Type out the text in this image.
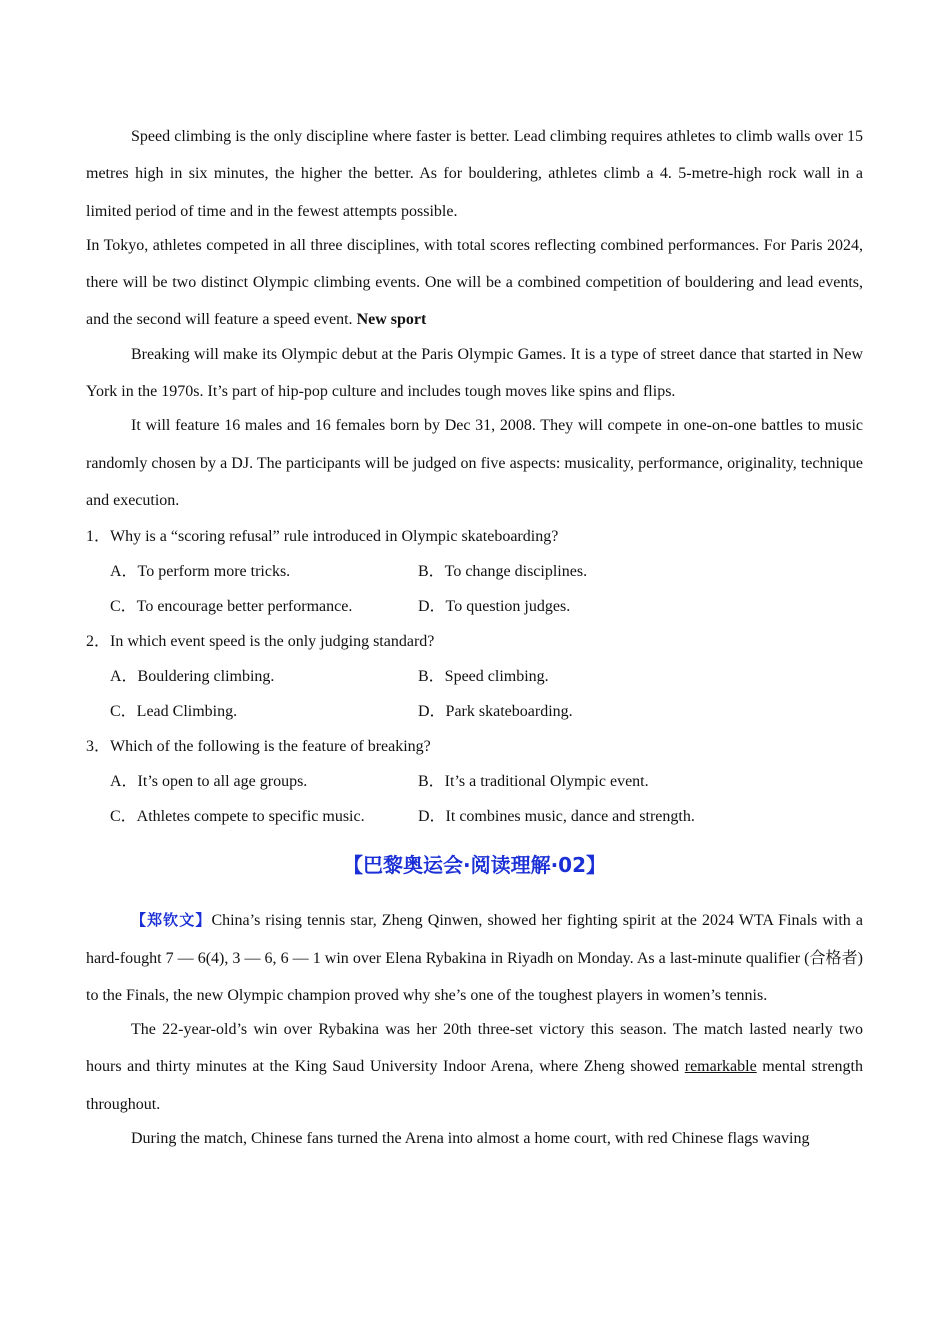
Speed climbing is the only discipline where faster is better. Lead climbing requires athletes to climb walls over 15 metres high in six minutes, the higher the better. As for bouldering, athletes climb a 4. 5-metre-high rock wall in a limited period of time and in the fewest attempts possible.

In Tokyo, athletes competed in all three disciplines, with total scores reflecting combined performances. For Paris 2024, there will be two distinct Olympic climbing events. One will be a combined competition of bouldering and lead events, and the second will feature a speed event. New sport

Breaking will make its Olympic debut at the Paris Olympic Games. It is a type of street dance that started in New York in the 1970s. It’s part of hip-pop culture and includes tough moves like spins and flips.

It will feature 16 males and 16 females born by Dec 31, 2008. They will compete in one-on-one battles to music randomly chosen by a DJ. The participants will be judged on five aspects: musicality, performance, originality, technique and execution.

1．Why is a “scoring refusal” rule introduced in Olympic skateboarding?

A．To perform more tricks.	B．To change disciplines.
C．To encourage better performance.	D．To question judges.

2．In which event speed is the only judging standard?

A．Bouldering climbing.	B．Speed climbing.
C．Lead Climbing.	D．Park skateboarding.

3．Which of the following is the feature of breaking?

A．It’s open to all age groups.	B．It’s a traditional Olympic event.
C．Athletes compete to specific music.	D．It combines music, dance and strength.
【巴黎奥运会·阅读理解·02】

【郑钦文】China’s rising tennis star, Zheng Qinwen, showed her fighting spirit at the 2024 WTA Finals with a hard-fought 7 — 6(4), 3 — 6, 6 — 1 win over Elena Rybakina in Riyadh on Monday. As a last-minute qualifier (合格者) to the Finals, the new Olympic champion proved why she’s one of the toughest players in women’s tennis.

The 22-year-old’s win over Rybakina was her 20th three-set victory this season. The match lasted nearly two hours and thirty minutes at the King Saud University Indoor Arena, where Zheng showed remarkable mental strength throughout.

During the match, Chinese fans turned the Arena into almost a home court, with red Chinese flags waving
